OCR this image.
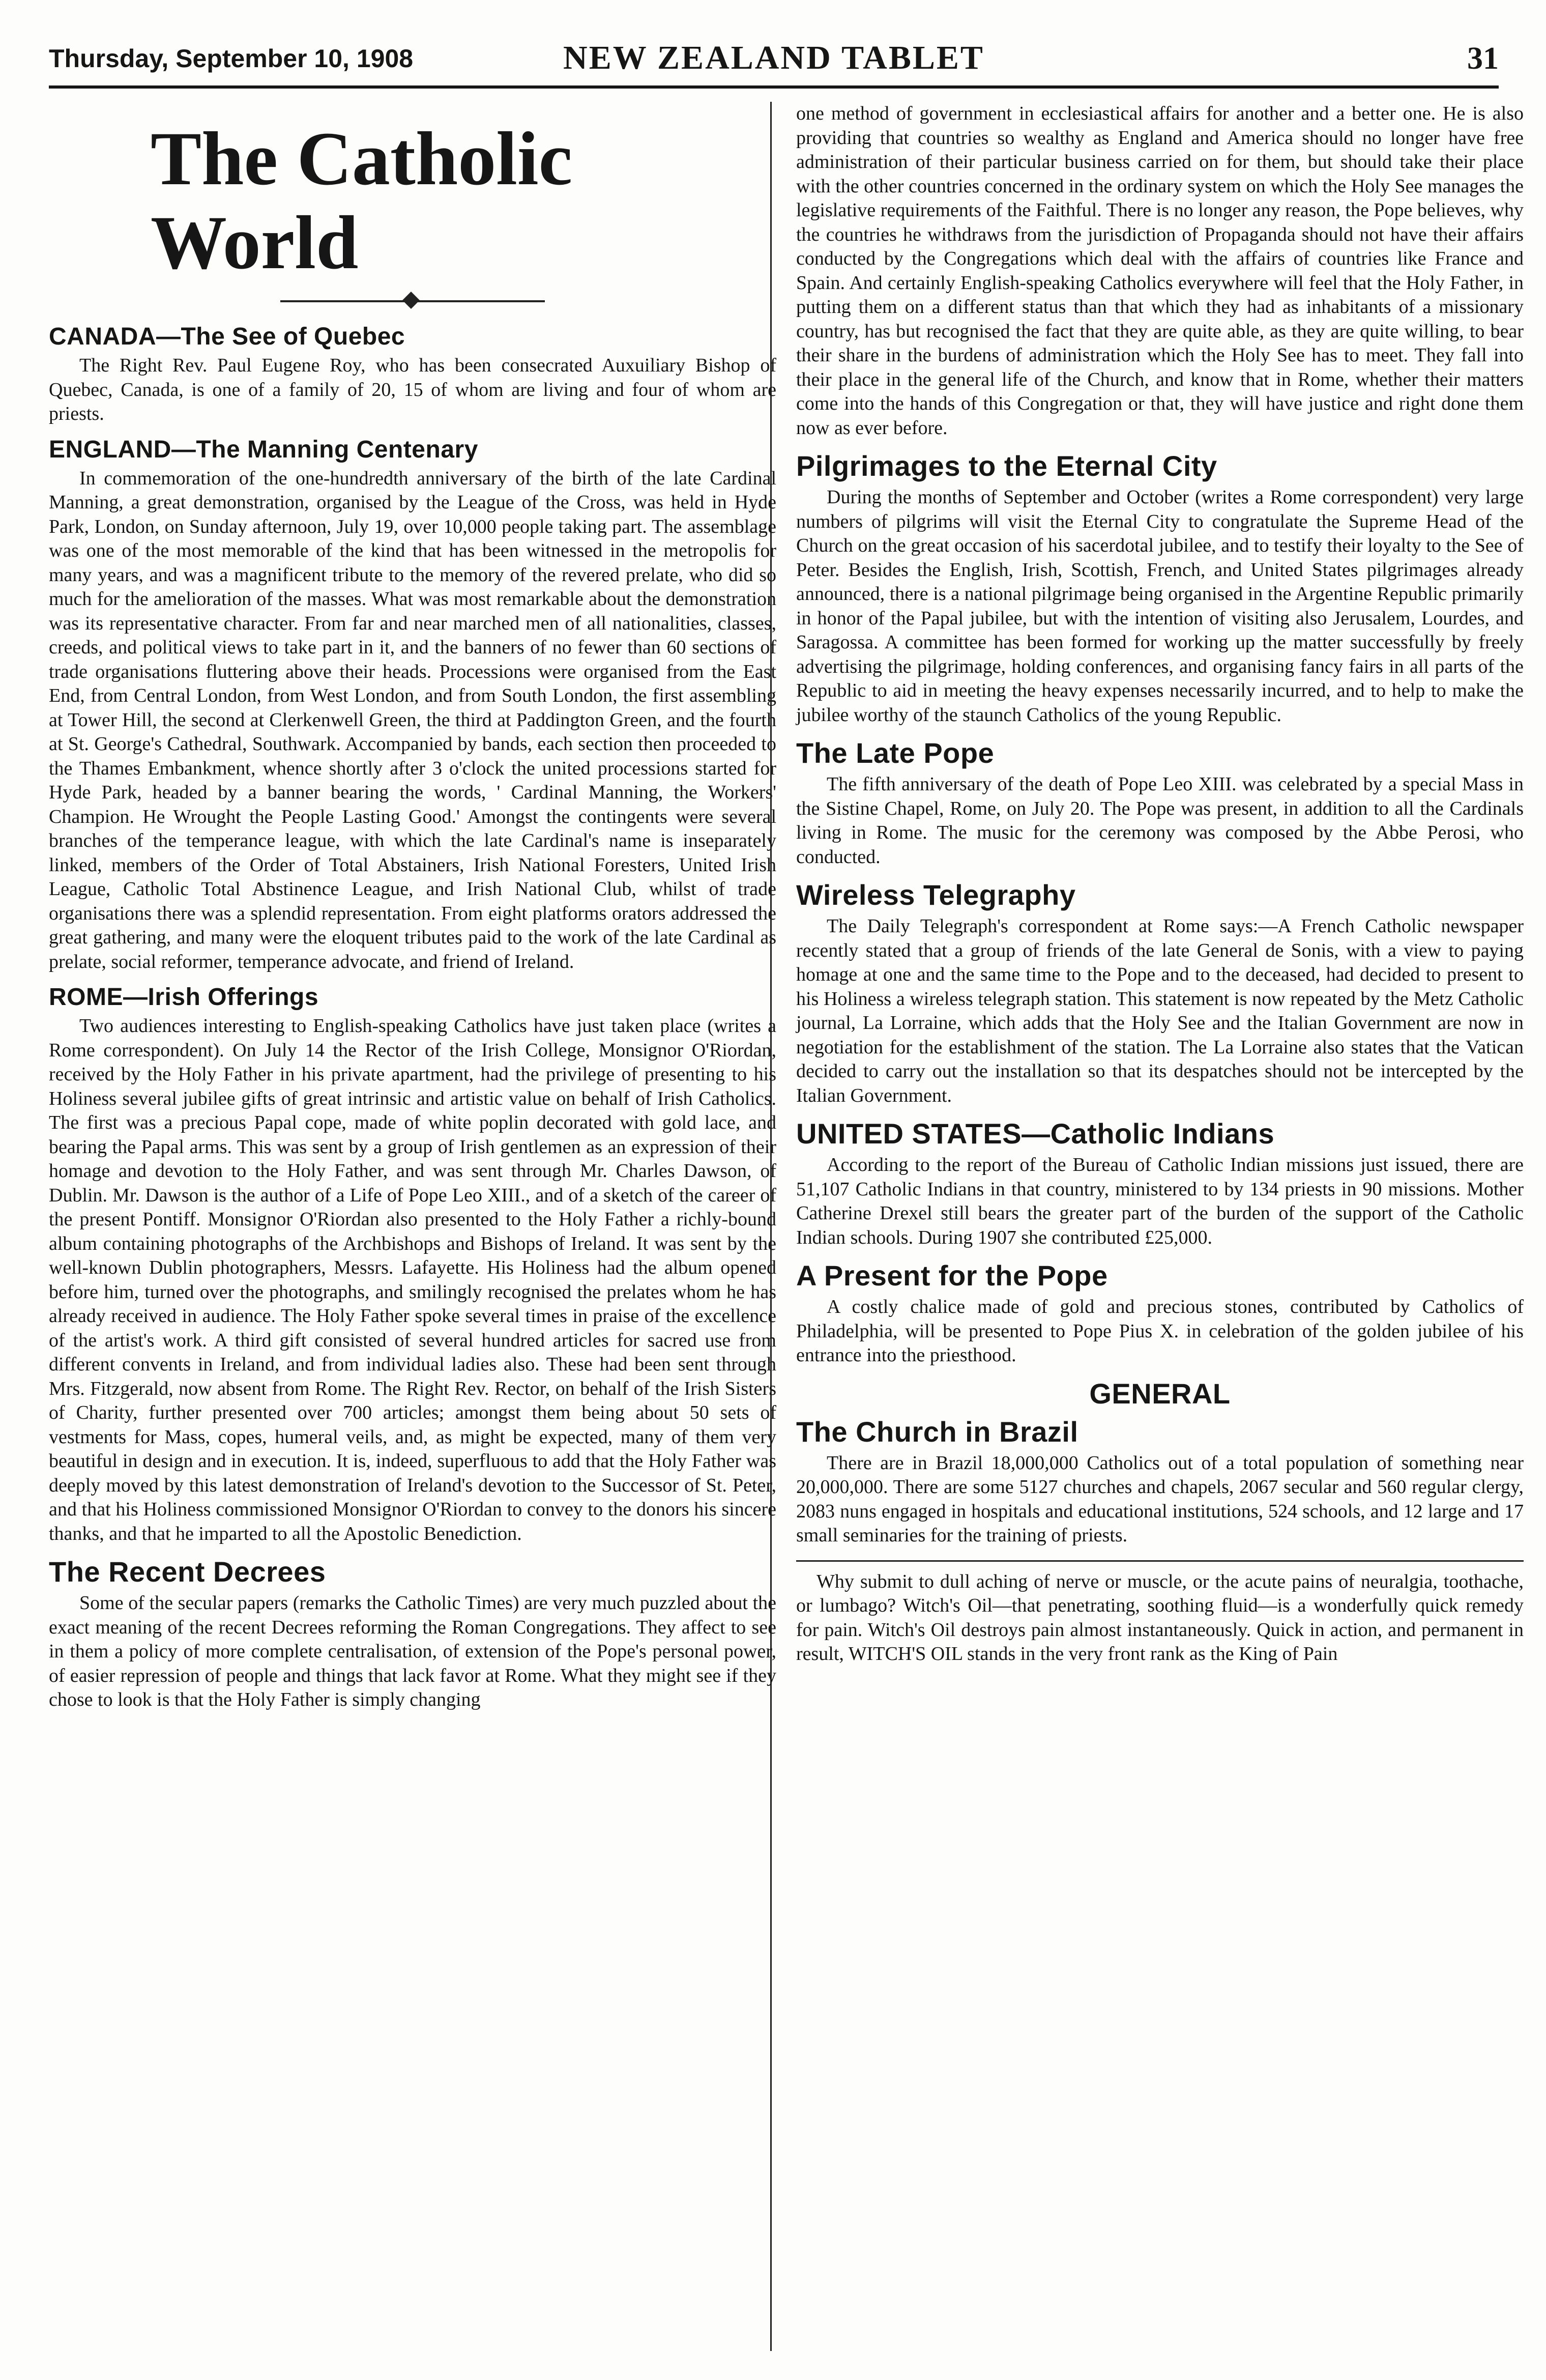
Thursday, September 10, 1908	NEW ZEALAND TABLET	31
The Catholic World
CANADA—The See of Quebec

The Right Rev. Paul Eugene Roy, who has been consecrated Auxuiliary Bishop of Quebec, Canada, is one of a family of 20, 15 of whom are living and four of whom are priests.

ENGLAND—The Manning Centenary

In commemoration of the one-hundredth anniversary of the birth of the late Cardinal Manning, a great demonstration, organised by the League of the Cross, was held in Hyde Park, London, on Sunday afternoon, July 19, over 10,000 people taking part. The assemblage was one of the most memorable of the kind that has been witnessed in the metropolis for many years, and was a magnificent tribute to the memory of the revered prelate, who did so much for the amelioration of the masses. What was most remarkable about the demonstration was its representative character. From far and near marched men of all nationalities, classes, creeds, and political views to take part in it, and the banners of no fewer than 60 sections of trade organisations fluttering above their heads. Processions were organised from the East End, from Central London, from West London, and from South London, the first assembling at Tower Hill, the second at Clerkenwell Green, the third at Paddington Green, and the fourth at St. George's Cathedral, Southwark. Accompanied by bands, each section then proceeded to the Thames Embankment, whence shortly after 3 o'clock the united processions started for Hyde Park, headed by a banner bearing the words, ' Cardinal Manning, the Workers' Champion. He Wrought the People Lasting Good.' Amongst the contingents were several branches of the temperance league, with which the late Cardinal's name is inseparately linked, members of the Order of Total Abstainers, Irish National Foresters, United Irish League, Catholic Total Abstinence League, and Irish National Club, whilst of trade organisations there was a splendid representation. From eight platforms orators addressed the great gathering, and many were the eloquent tributes paid to the work of the late Cardinal as prelate, social reformer, temperance advocate, and friend of Ireland.

ROME—Irish Offerings

Two audiences interesting to English-speaking Catholics have just taken place (writes a Rome correspondent). On July 14 the Rector of the Irish College, Monsignor O'Riordan, received by the Holy Father in his private apartment, had the privilege of presenting to his Holiness several jubilee gifts of great intrinsic and artistic value on behalf of Irish Catholics. The first was a precious Papal cope, made of white poplin decorated with gold lace, and bearing the Papal arms. This was sent by a group of Irish gentlemen as an expression of their homage and devotion to the Holy Father, and was sent through Mr. Charles Dawson, of Dublin. Mr. Dawson is the author of a Life of Pope Leo XIII., and of a sketch of the career of the present Pontiff. Monsignor O'Riordan also presented to the Holy Father a richly-bound album containing photographs of the Archbishops and Bishops of Ireland. It was sent by the well-known Dublin photographers, Messrs. Lafayette. His Holiness had the album opened before him, turned over the photographs, and smilingly recognised the prelates whom he has already received in audience. The Holy Father spoke several times in praise of the excellence of the artist's work. A third gift consisted of several hundred articles for sacred use from different convents in Ireland, and from individual ladies also. These had been sent through Mrs. Fitzgerald, now absent from Rome. The Right Rev. Rector, on behalf of the Irish Sisters of Charity, further presented over 700 articles; amongst them being about 50 sets of vestments for Mass, copes, humeral veils, and, as might be expected, many of them very beautiful in design and in execution. It is, indeed, superfluous to add that the Holy Father was deeply moved by this latest demonstration of Ireland's devotion to the Successor of St. Peter, and that his Holiness commissioned Monsignor O'Riordan to convey to the donors his sincere thanks, and that he imparted to all the Apostolic Benediction.

The Recent Decrees

Some of the secular papers (remarks the Catholic Times) are very much puzzled about the exact meaning of the recent Decrees reforming the Roman Congregations. They affect to see in them a policy of more complete centralisation, of extension of the Pope's personal power, of easier repression of people and things that lack favor at Rome. What they might see if they chose to look is that the Holy Father is simply changing

one method of government in ecclesiastical affairs for another and a better one. He is also providing that countries so wealthy as England and America should no longer have free administration of their particular business carried on for them, but should take their place with the other countries concerned in the ordinary system on which the Holy See manages the legislative requirements of the Faithful. There is no longer any reason, the Pope believes, why the countries he withdraws from the jurisdiction of Propaganda should not have their affairs conducted by the Congregations which deal with the affairs of countries like France and Spain. And certainly English-speaking Catholics everywhere will feel that the Holy Father, in putting them on a different status than that which they had as inhabitants of a missionary country, has but recognised the fact that they are quite able, as they are quite willing, to bear their share in the burdens of administration which the Holy See has to meet. They fall into their place in the general life of the Church, and know that in Rome, whether their matters come into the hands of this Congregation or that, they will have justice and right done them now as ever before.

Pilgrimages to the Eternal City

During the months of September and October (writes a Rome correspondent) very large numbers of pilgrims will visit the Eternal City to congratulate the Supreme Head of the Church on the great occasion of his sacerdotal jubilee, and to testify their loyalty to the See of Peter. Besides the English, Irish, Scottish, French, and United States pilgrimages already announced, there is a national pilgrimage being organised in the Argentine Republic primarily in honor of the Papal jubilee, but with the intention of visiting also Jerusalem, Lourdes, and Saragossa. A committee has been formed for working up the matter successfully by freely advertising the pilgrimage, holding conferences, and organising fancy fairs in all parts of the Republic to aid in meeting the heavy expenses necessarily incurred, and to help to make the jubilee worthy of the staunch Catholics of the young Republic.

The Late Pope

The fifth anniversary of the death of Pope Leo XIII. was celebrated by a special Mass in the Sistine Chapel, Rome, on July 20. The Pope was present, in addition to all the Cardinals living in Rome. The music for the ceremony was composed by the Abbe Perosi, who conducted.

Wireless Telegraphy

The Daily Telegraph's correspondent at Rome says:—A French Catholic newspaper recently stated that a group of friends of the late General de Sonis, with a view to paying homage at one and the same time to the Pope and to the deceased, had decided to present to his Holiness a wireless telegraph station. This statement is now repeated by the Metz Catholic journal, La Lorraine, which adds that the Holy See and the Italian Government are now in negotiation for the establishment of the station. The La Lorraine also states that the Vatican decided to carry out the installation so that its despatches should not be intercepted by the Italian Government.

UNITED STATES—Catholic Indians

According to the report of the Bureau of Catholic Indian missions just issued, there are 51,107 Catholic Indians in that country, ministered to by 134 priests in 90 missions. Mother Catherine Drexel still bears the greater part of the burden of the support of the Catholic Indian schools. During 1907 she contributed £25,000.

A Present for the Pope

A costly chalice made of gold and precious stones, contributed by Catholics of Philadelphia, will be presented to Pope Pius X. in celebration of the golden jubilee of his entrance into the priesthood.

GENERAL
The Church in Brazil

There are in Brazil 18,000,000 Catholics out of a total population of something near 20,000,000. There are some 5127 churches and chapels, 2067 secular and 560 regular clergy, 2083 nuns engaged in hospitals and educational institutions, 524 schools, and 12 large and 17 small seminaries for the training of priests.

Why submit to dull aching of nerve or muscle, or the acute pains of neuralgia, toothache, or lumbago? Witch's Oil—that penetrating, soothing fluid—is a wonderfully quick remedy for pain. Witch's Oil destroys pain almost instantaneously. Quick in action, and permanent in result, WITCH'S OIL stands in the very front rank as the King of Pain
